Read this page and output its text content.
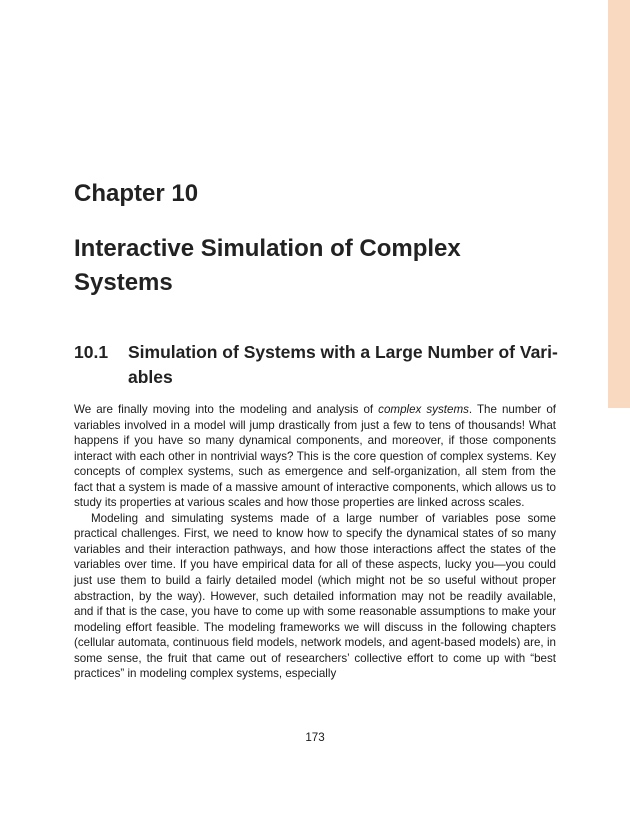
Chapter 10
Interactive Simulation of Complex Systems
10.1	Simulation of Systems with a Large Number of Variables

We are finally moving into the modeling and analysis of complex systems. The number of variables involved in a model will jump drastically from just a few to tens of thousands! What happens if you have so many dynamical components, and moreover, if those components interact with each other in nontrivial ways? This is the core question of complex systems. Key concepts of complex systems, such as emergence and self-organization, all stem from the fact that a system is made of a massive amount of interactive components, which allows us to study its properties at various scales and how those properties are linked across scales.

Modeling and simulating systems made of a large number of variables pose some practical challenges. First, we need to know how to specify the dynamical states of so many variables and their interaction pathways, and how those interactions affect the states of the variables over time. If you have empirical data for all of these aspects, lucky you—you could just use them to build a fairly detailed model (which might not be so useful without proper abstraction, by the way). However, such detailed information may not be readily available, and if that is the case, you have to come up with some reasonable assumptions to make your modeling effort feasible. The modeling frameworks we will discuss in the following chapters (cellular automata, continuous field models, network models, and agent-based models) are, in some sense, the fruit that came out of researchers’ collective effort to come up with “best practices” in modeling complex systems, especially

173
